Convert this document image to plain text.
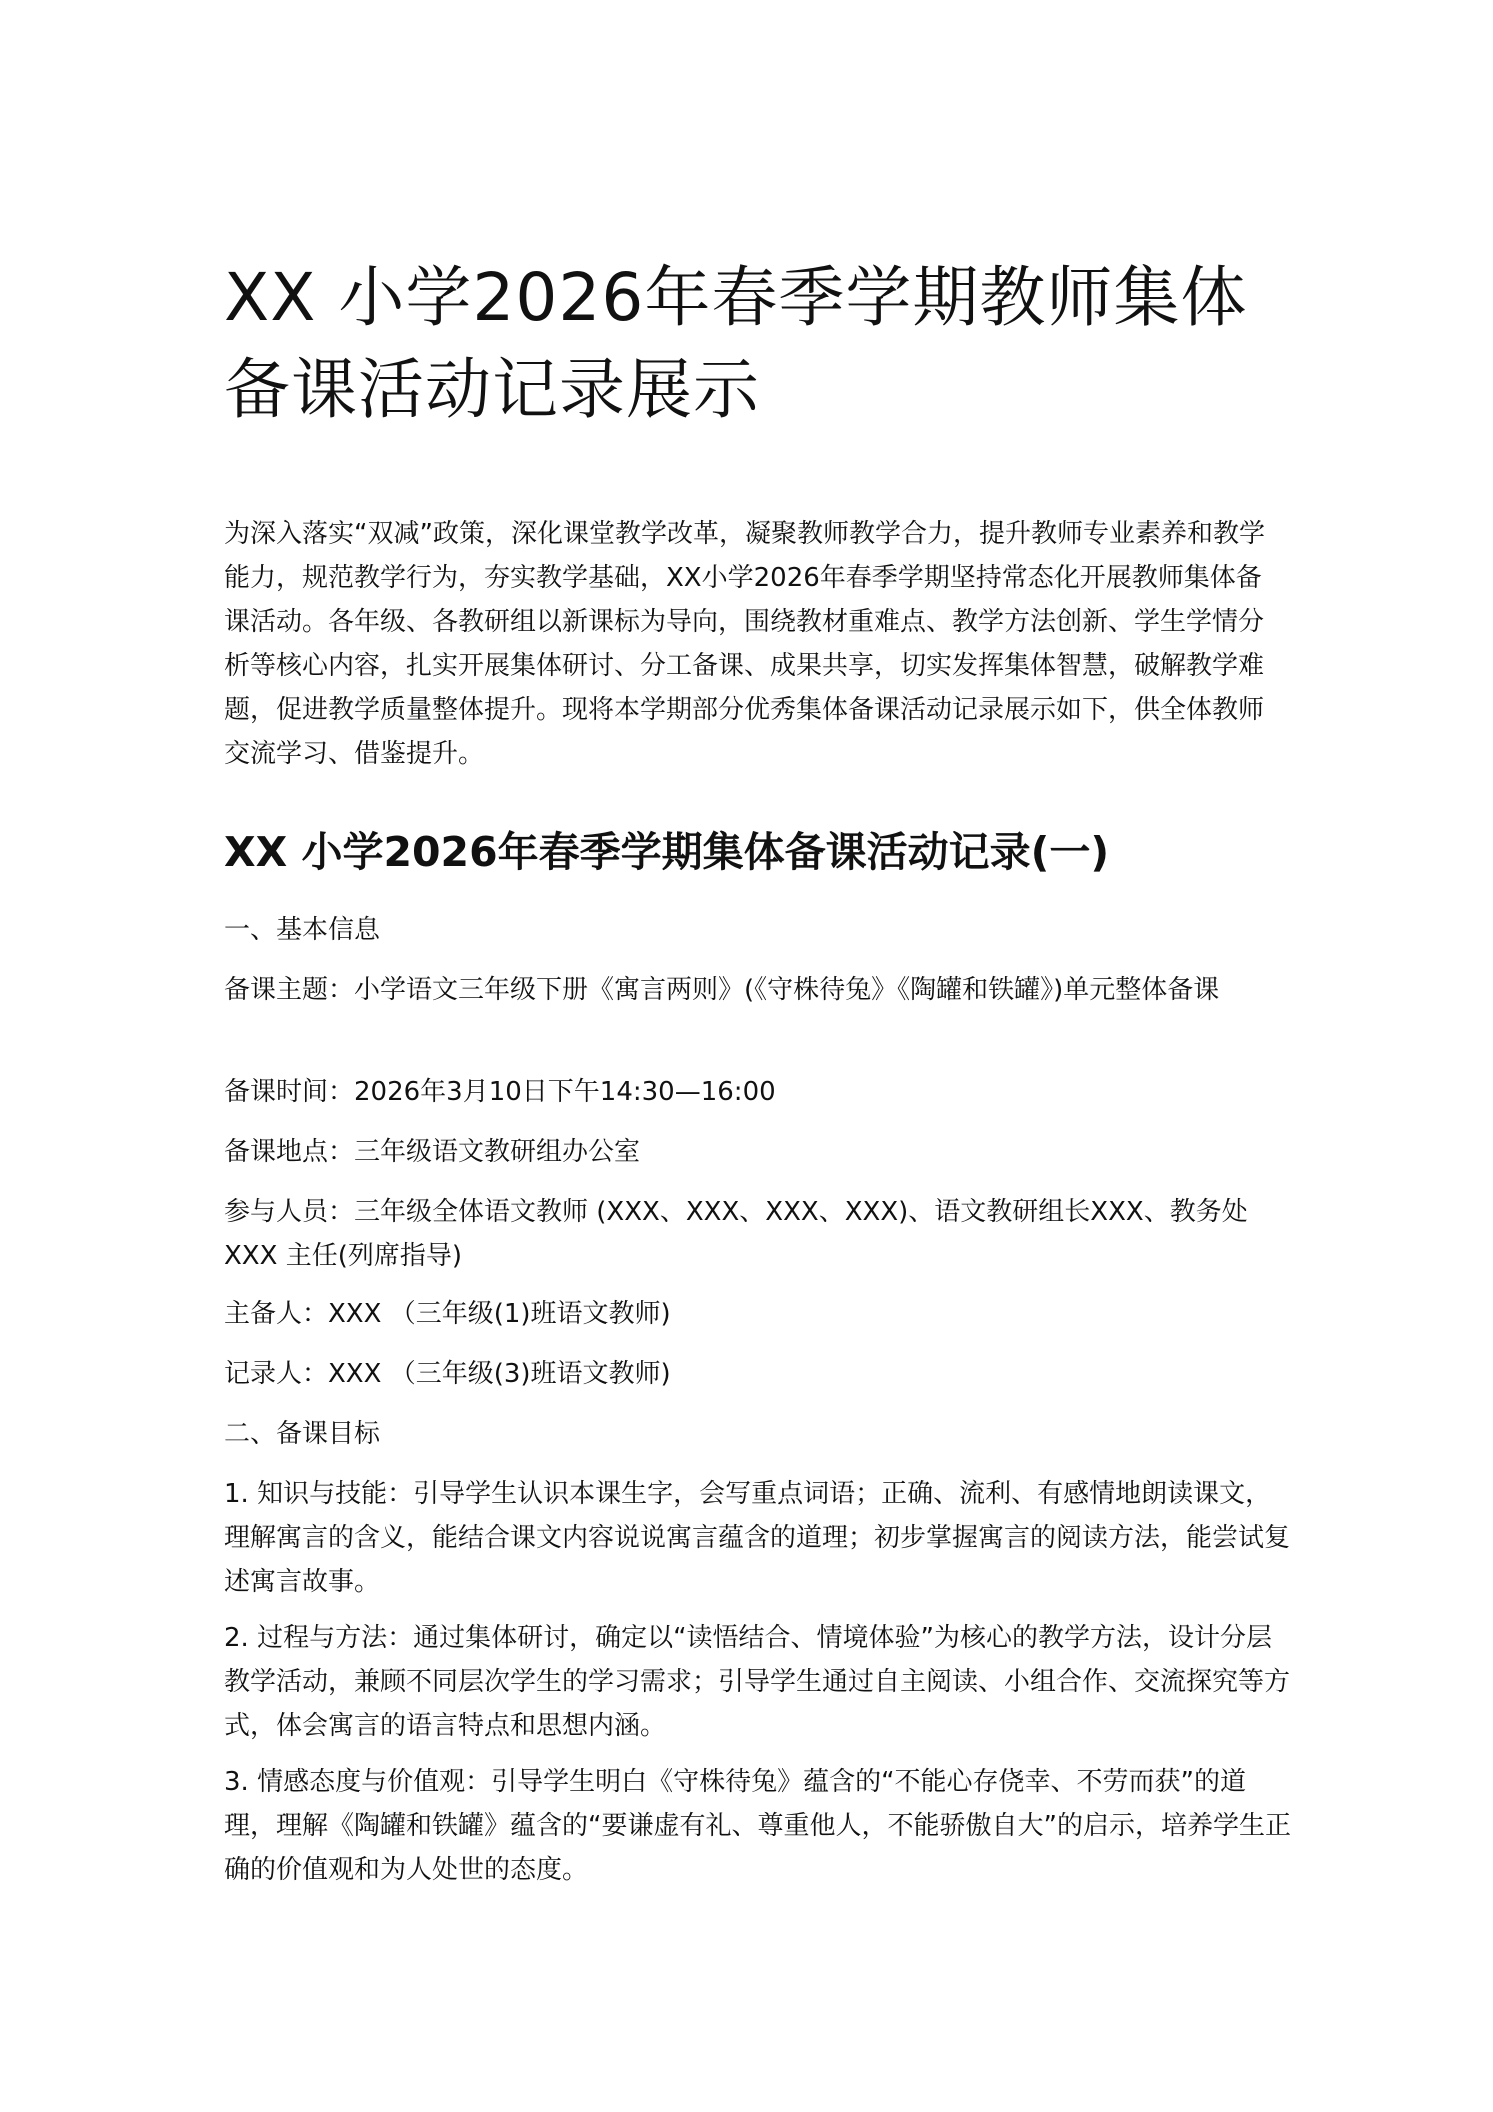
XX 小学2026年春季学期教师集体备课活动记录展示

为深入落实“双减”政策，深化课堂教学改革，凝聚教师教学合力，提升教师专业素养和教学能力，规范教学行为，夯实教学基础，XX小学2026年春季学期坚持常态化开展教师集体备课活动。各年级、各教研组以新课标为导向，围绕教材重难点、教学方法创新、学生学情分析等核心内容，扎实开展集体研讨、分工备课、成果共享，切实发挥集体智慧，破解教学难题，促进教学质量整体提升。现将本学期部分优秀集体备课活动记录展示如下，供全体教师交流学习、借鉴提升。

XX 小学2026年春季学期集体备课活动记录(一)

一、基本信息

备课主题：小学语文三年级下册《寓言两则》(《守株待兔》《陶罐和铁罐》)单元整体备课

备课时间：2026年3月10日下午14:30—16:00

备课地点：三年级语文教研组办公室

参与人员：三年级全体语文教师 (XXX、XXX、XXX、XXX)、语文教研组长XXX、教务处XXX 主任(列席指导)

主备人：XXX （三年级(1)班语文教师)

记录人：XXX （三年级(3)班语文教师)

二、备课目标

1. 知识与技能：引导学生认识本课生字，会写重点词语；正确、流利、有感情地朗读课文，理解寓言的含义，能结合课文内容说说寓言蕴含的道理；初步掌握寓言的阅读方法，能尝试复述寓言故事。

2. 过程与方法：通过集体研讨，确定以“读悟结合、情境体验”为核心的教学方法，设计分层教学活动，兼顾不同层次学生的学习需求；引导学生通过自主阅读、小组合作、交流探究等方式，体会寓言的语言特点和思想内涵。

3. 情感态度与价值观：引导学生明白《守株待兔》蕴含的“不能心存侥幸、不劳而获”的道理，理解《陶罐和铁罐》蕴含的“要谦虚有礼、尊重他人，不能骄傲自大”的启示，培养学生正确的价值观和为人处世的态度。
